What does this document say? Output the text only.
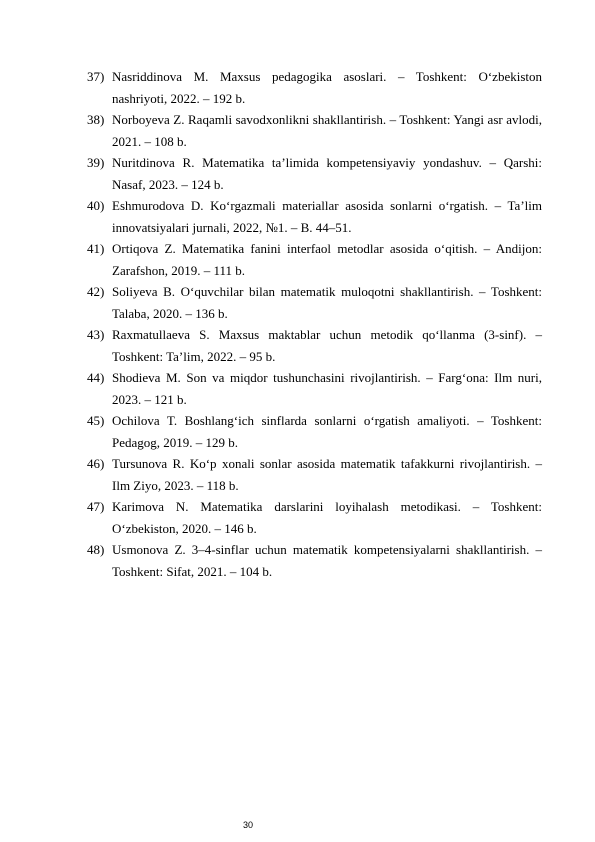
37) Nasriddinova M. Maxsus pedagogika asoslari. – Toshkent: O‘zbekiston nashriyoti, 2022. – 192 b.
38) Norboyeva Z. Raqamli savodxonlikni shakllantirish. – Toshkent: Yangi asr avlodi, 2021. – 108 b.
39) Nuritdinova R. Matematika ta’limida kompetensiyaviy yondashuv. – Qarshi: Nasaf, 2023. – 124 b.
40) Eshmurodova D. Ko‘rgazmali materiallar asosida sonlarni o‘rgatish. – Ta’lim innovatsiyalari jurnali, 2022, №1. – B. 44–51.
41) Ortiqova Z. Matematika fanini interfaol metodlar asosida o‘qitish. – Andijon: Zarafshon, 2019. – 111 b.
42) Soliyeva B. O‘quvchilar bilan matematik muloqotni shakllantirish. – Toshkent: Talaba, 2020. – 136 b.
43) Raxmatullaeva S. Maxsus maktablar uchun metodik qo‘llanma (3-sinf). – Toshkent: Ta’lim, 2022. – 95 b.
44) Shodieva M. Son va miqdor tushunchasini rivojlantirish. – Farg‘ona: Ilm nuri, 2023. – 121 b.
45) Ochilova T. Boshlang‘ich sinflarda sonlarni o‘rgatish amaliyoti. – Toshkent: Pedagog, 2019. – 129 b.
46) Tursunova R. Ko‘p xonali sonlar asosida matematik tafakkurni rivojlantirish. – Ilm Ziyo, 2023. – 118 b.
47) Karimova N. Matematika darslarini loyihalash metodikasi. – Toshkent: O‘zbekiston, 2020. – 146 b.
48) Usmonova Z. 3–4-sinflar uchun matematik kompetensiyalarni shakllantirish. – Toshkent: Sifat, 2021. – 104 b.
30
